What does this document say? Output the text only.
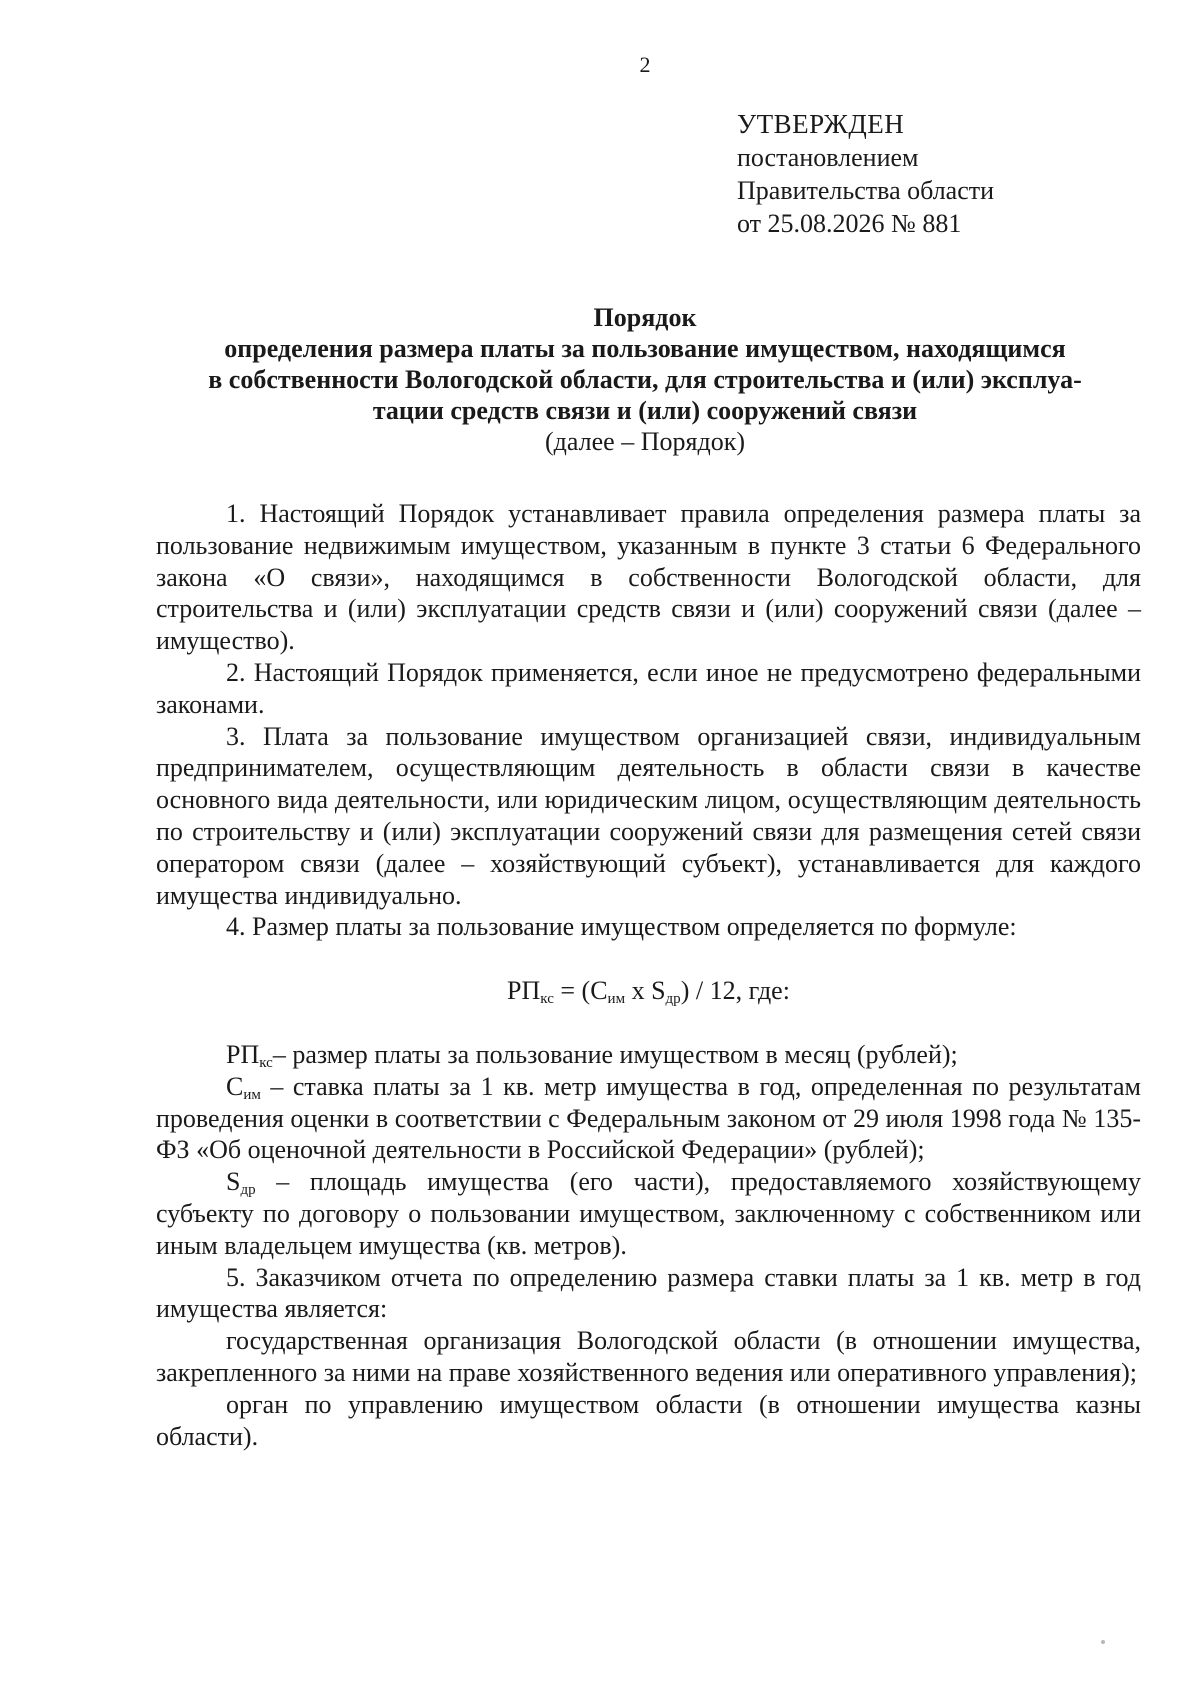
2
УТВЕРЖДЕН
постановлением
Правительства области
от 25.08.2026 № 881
Порядок
определения размера платы за пользование имуществом, находящимся
в собственности Вологодской области, для строительства и (или) эксплуа-
тации средств связи и (или) сооружений связи
(далее – Порядок)

1. Настоящий Порядок устанавливает правила определения размера платы за пользование недвижимым имуществом, указанным в пункте 3 статьи 6 Федерального закона «О связи», находящимся в собственности Вологодской области, для строительства и (или) эксплуатации средств связи и (или) сооружений связи (далее – имущество).

2. Настоящий Порядок применяется, если иное не предусмотрено федеральными законами.

3. Плата за пользование имуществом организацией связи, индивидуальным предпринимателем, осуществляющим деятельность в области связи в качестве основного вида деятельности, или юридическим лицом, осуществляющим деятельность по строительству и (или) эксплуатации сооружений связи для размещения сетей связи оператором связи (далее – хозяйствующий субъект), устанавливается для каждого имущества индивидуально.

4. Размер платы за пользование имуществом определяется по формуле:

$РП_{кс} = (С_{им}$ x $S_{др}) / 12$, где:

$РП_{кс}-$ размер платы за пользование имуществом в месяц (рублей);

$С_{им}$ – ставка платы за 1 кв. метр имущества в год, определенная по результатам проведения оценки в соответствии с Федеральным законом от 29 июля 1998 года № 135-ФЗ «Об оценочной деятельности в Российской Федерации» (рублей);

$S_{др}$ – площадь имущества (его части), предоставляемого хозяйствующему субъекту по договору о пользовании имуществом, заключенному с собственником или иным владельцем имущества (кв. метров).

5. Заказчиком отчета по определению размера ставки платы за 1 кв. метр в год имущества является:

государственная организация Вологодской области (в отношении имущества, закрепленного за ними на праве хозяйственного ведения или оперативного управления);

орган по управлению имуществом области (в отношении имущества казны области).
